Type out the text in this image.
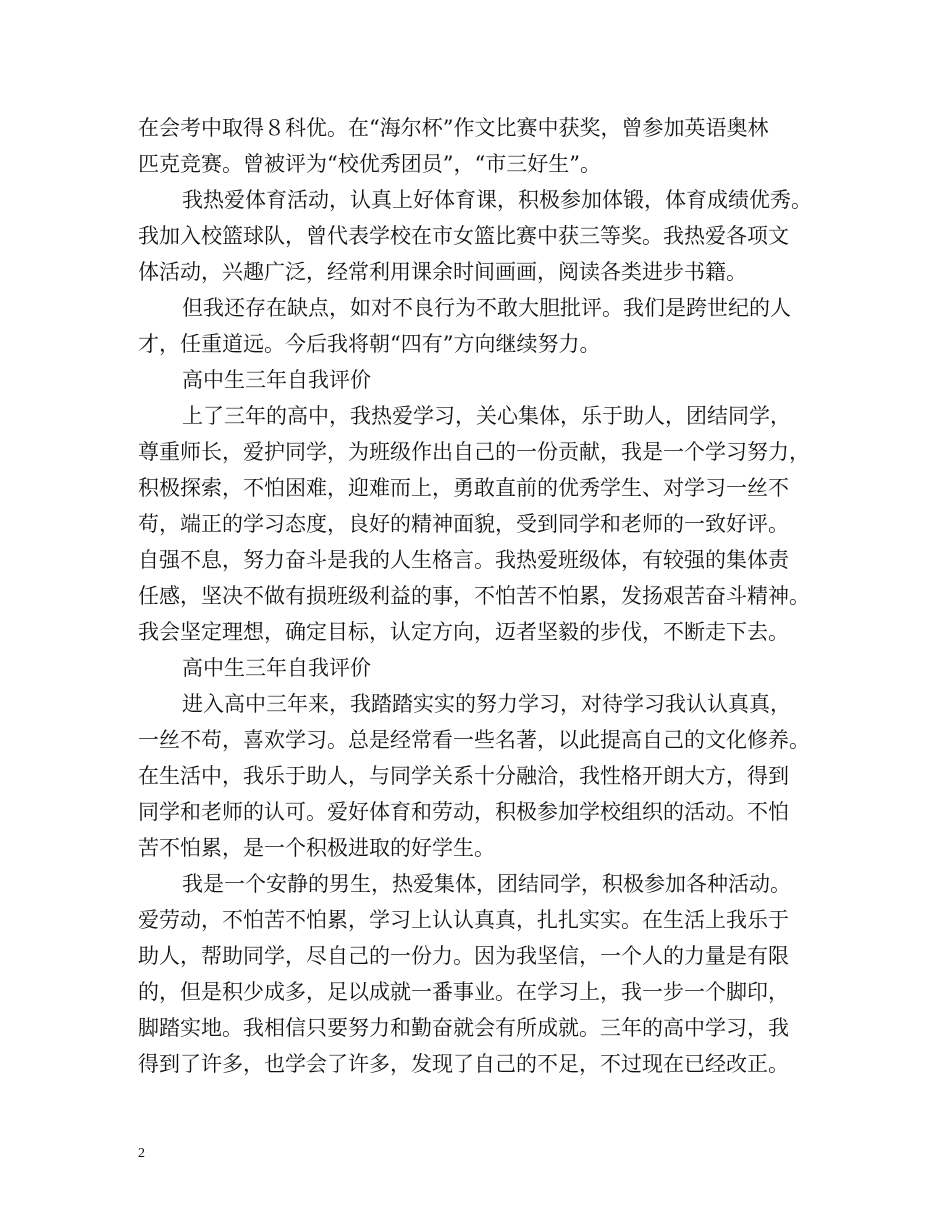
在会考中取得８科优。在“海尔杯”作文比赛中获奖，曾参加英语奥林
匹克竞赛。曾被评为“校优秀团员”，“市三好生”。
我热爱体育活动，认真上好体育课，积极参加体锻，体育成绩优秀。
我加入校篮球队，曾代表学校在市女篮比赛中获三等奖。我热爱各项文
体活动，兴趣广泛，经常利用课余时间画画，阅读各类进步书籍。
但我还存在缺点，如对不良行为不敢大胆批评。我们是跨世纪的人
才，任重道远。今后我将朝“四有”方向继续努力。
高中生三年自我评价
上了三年的高中，我热爱学习，关心集体，乐于助人，团结同学，
尊重师长，爱护同学，为班级作出自己的一份贡献，我是一个学习努力，
积极探索，不怕困难，迎难而上，勇敢直前的优秀学生、对学习一丝不
苟，端正的学习态度，良好的精神面貌，受到同学和老师的一致好评。
自强不息，努力奋斗是我的人生格言。我热爱班级体，有较强的集体责
任感，坚决不做有损班级利益的事，不怕苦不怕累，发扬艰苦奋斗精神。
我会坚定理想，确定目标，认定方向，迈者坚毅的步伐，不断走下去。
高中生三年自我评价
进入高中三年来，我踏踏实实的努力学习，对待学习我认认真真，
一丝不苟，喜欢学习。总是经常看一些名著，以此提高自己的文化修养。
在生活中，我乐于助人，与同学关系十分融洽，我性格开朗大方，得到
同学和老师的认可。爱好体育和劳动，积极参加学校组织的活动。不怕
苦不怕累，是一个积极进取的好学生。
我是一个安静的男生，热爱集体，团结同学，积极参加各种活动。
爱劳动，不怕苦不怕累，学习上认认真真，扎扎实实。在生活上我乐于
助人，帮助同学，尽自己的一份力。因为我坚信，一个人的力量是有限
的，但是积少成多，足以成就一番事业。在学习上，我一步一个脚印，
脚踏实地。我相信只要努力和勤奋就会有所成就。三年的高中学习，我
得到了许多，也学会了许多，发现了自己的不足，不过现在已经改正。
2
